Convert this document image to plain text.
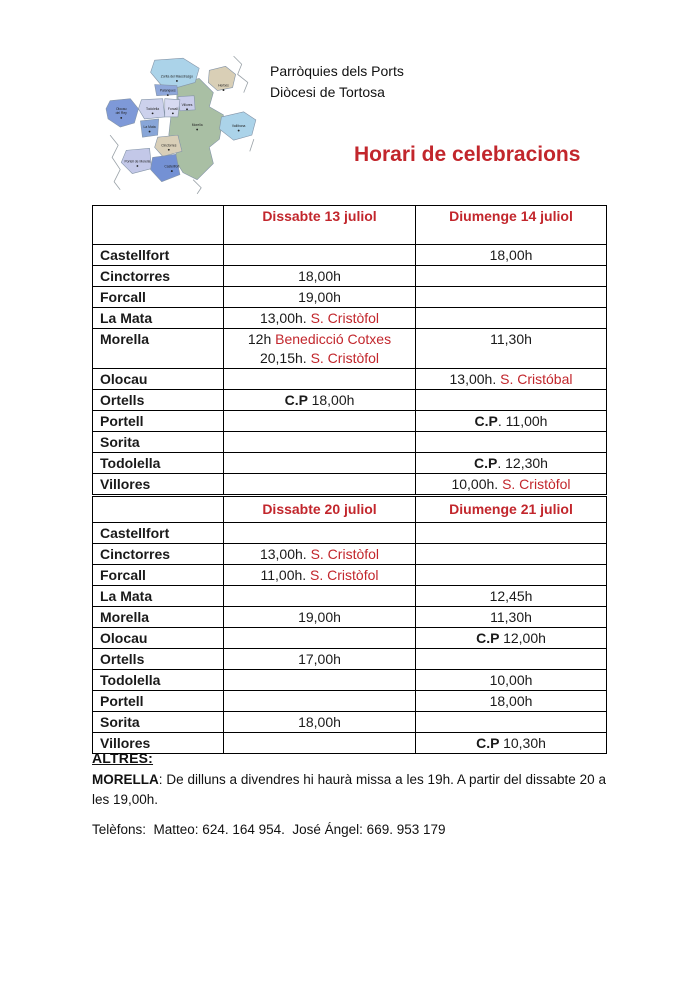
Zorita del Maestrazgo
Palanques
Herbés
Villores
Olocau del Rey
Todolella	Forcall
La Mata
Morella	Vallibona
Cinctorres
Portell de Morella
Castellfort
Parròquies dels Ports
Diòcesi de Tortosa
Horari de celebracions
	Dissabte 13 juliol	Diumenge 14 juliol
Castellfort		18,00h

Cinctorres	18,00h	

Forcall	19,00h	

La Mata	13,00h. S. Cristòfol	

Morella	12h Benedicció Cotxes
20,15h. S. Cristòfol	11,30h

Olocau		13,00h. S. Cristóbal

Ortells	C.P 18,00h	

Portell		C.P. 11,00h

Sorita		
Todolella		C.P. 12,30h

Villores		10,00h. S. Cristòfol
	Dissabte 20 juliol	Diumenge 21 juliol
Castellfort		
Cinctorres	13,00h. S. Cristòfol	

Forcall	11,00h. S. Cristòfol	

La Mata		12,45h

Morella	19,00h	11,30h

Olocau		C.P 12,00h

Ortells	17,00h	

Todolella		10,00h

Portell		18,00h

Sorita	18,00h	

Villores		C.P 10,30h
ALTRES:
MORELLA: De dilluns a divendres hi haurà missa a les 19h. A partir del dissabte 20 a les 19,00h.
Telèfons:  Matteo: 624. 164 954.  José Ángel: 669. 953 179
